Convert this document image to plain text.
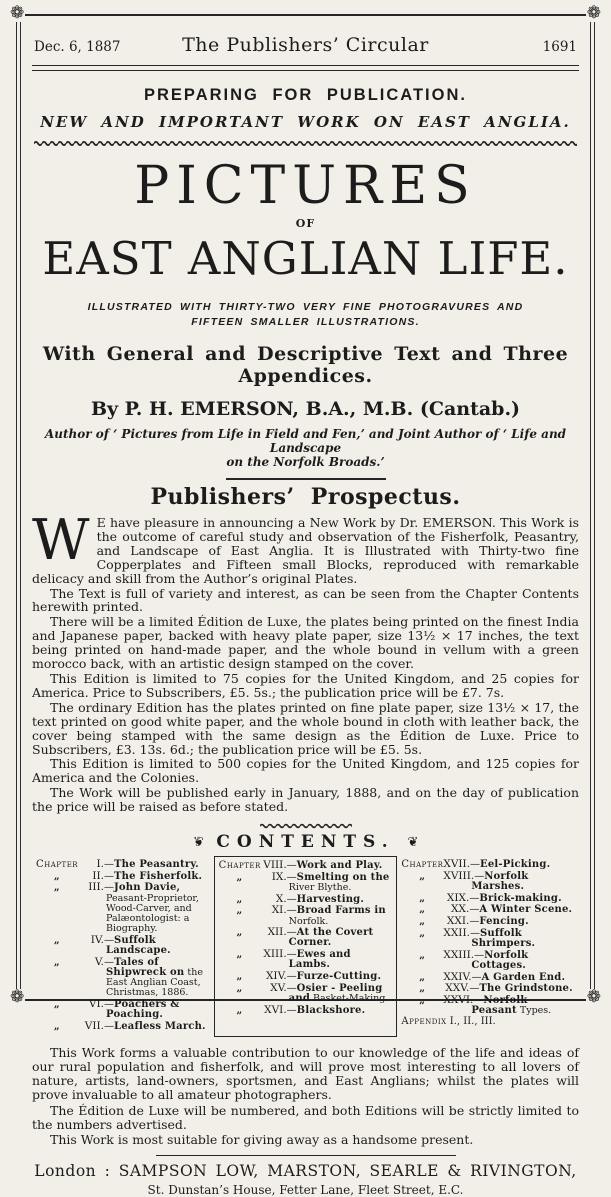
❁	❁
❁	❁
Dec. 6, 1887	The Publishers’ Circular	1691
PREPARING FOR PUBLICATION.
NEW AND IMPORTANT WORK ON EAST ANGLIA.
PICTURES
OF
EAST ANGLIAN LIFE.
ILLUSTRATED WITH THIRTY-TWO VERY FINE PHOTOGRAVURES AND
FIFTEEN SMALLER ILLUSTRATIONS.
With General and Descriptive Text and Three Appendices.
By P. H. EMERSON, B.A., M.B. (Cantab.)
Author of ‘ Pictures from Life in Field and Fen,’ and Joint Author of ‘ Life and Landscape
on the Norfolk Broads.’
Publishers’ Prospectus.

W E have pleasure in announcing a New Work by Dr. EMERSON. This Work is the outcome of careful study and observation of the Fisherfolk, Peasantry, and Landscape of East Anglia. It is Illustrated with Thirty-two fine Copperplates and Fifteen small Blocks, reproduced with remarkable delicacy and skill from the Author’s original Plates.

The Text is full of variety and interest, as can be seen from the Chapter Contents herewith printed.

There will be a limited Édition de Luxe, the plates being printed on the finest India and Japanese paper, backed with heavy plate paper, size 13½ × 17 inches, the text being printed on hand-made paper, and the whole bound in vellum with a green morocco back, with an artistic design stamped on the cover.

This Edition is limited to 75 copies for the United Kingdom, and 25 copies for America. Price to Subscribers, £5. 5s.; the publication price will be £7. 7s.

The ordinary Edition has the plates printed on fine plate paper, size 13½ × 17, the text printed on good white paper, and the whole bound in cloth with leather back, the cover being stamped with the same design as the Édition de Luxe. Price to Subscribers, £3. 13s. 6d.; the publication price will be £5. 5s.

This Edition is limited to 500 copies for the United Kingdom, and 125 copies for America and the Colonies.

The Work will be published early in January, 1888, and on the day of publication the price will be raised as before stated.

❦ CONTENTS. ❦
Chapter I.—The Peasantry.
„	II.—The Fisherfolk.
„	III.—John Davie, Peasant-Proprietor, Wood-Carver, and Palæontologist: a Biography.
„	IV.—Suffolk Landscape.
„	V.—Tales of Shipwreck on the East Anglian Coast, Christmas, 1886.
„	VI.—Poachers & Poaching.
„ VII.—Leafless March.
Chapter VIII.—Work and Play.
„	IX.—Smelting on the River Blythe.
„	X.—Harvesting.
„	XI.—Broad Farms in Norfolk.
„ XII.—At the Covert Corner.
„ XIII.—Ewes and Lambs.
„ XIV.—Furze-Cutting.
„	XV.—Osier - Peeling and Basket-Making.
„ XVI.—Blackshore.
ChapterXVII.—Eel-Picking.
„ XVIII.—Norfolk Marshes.
„ XIX.—Brick-making.
„ XX.—A Winter Scene.
„ XXI.—Fencing.
„ XXII.—Suffolk Shrimpers.
„ XXIII.—Norfolk Cottages.
„ XXIV.—A Garden End.
„ XXV.—The Grindstone.
„ XXVI.—Norfolk Peasant Types.
Appendix I., II., III.

This Work forms a valuable contribution to our knowledge of the life and ideas of our rural population and fisherfolk, and will prove most interesting to all lovers of nature, artists, land-owners, sportsmen, and East Anglians; whilst the plates will prove invaluable to all amateur photographers.

The Édition de Luxe will be numbered, and both Editions will be strictly limited to the numbers advertised.

This Work is most suitable for giving away as a handsome present.

London : SAMPSON LOW, MARSTON, SEARLE & RIVINGTON,
St. Dunstan’s House, Fetter Lane, Fleet Street, E.C.
